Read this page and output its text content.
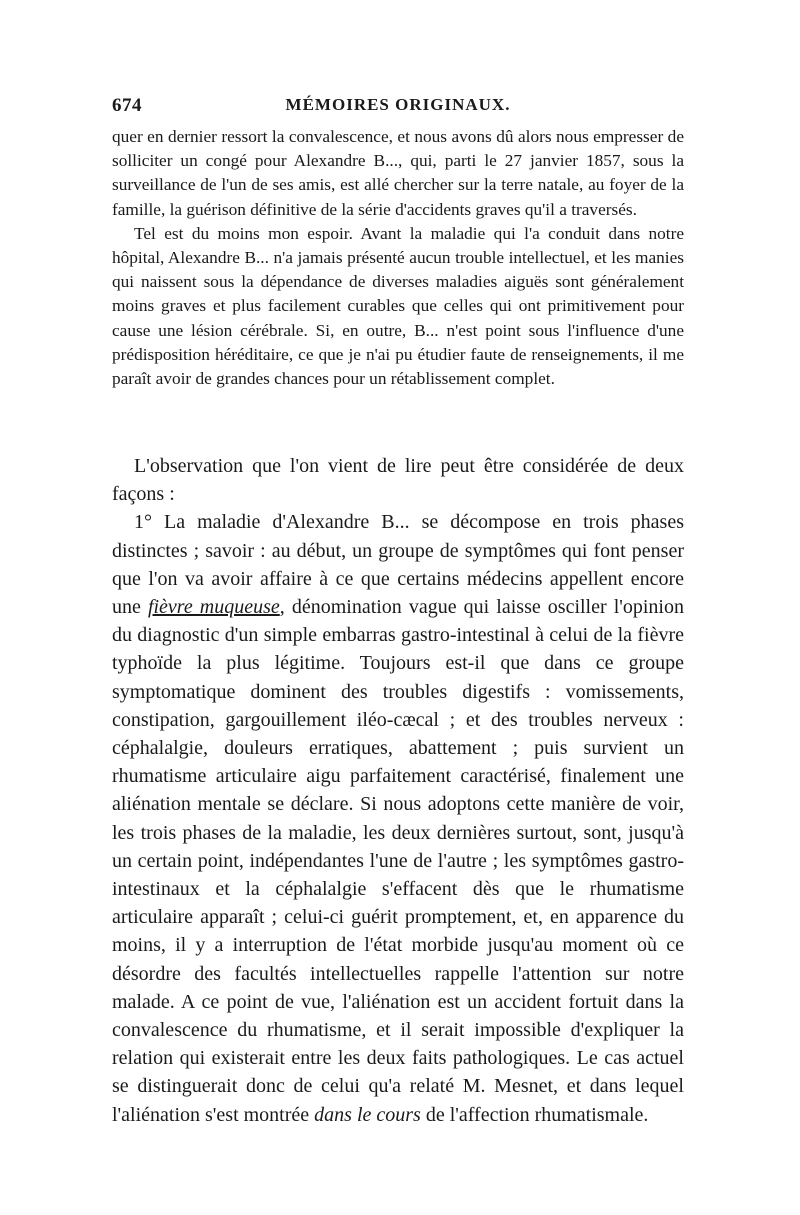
674	MÉMOIRES ORIGINAUX.

quer en dernier ressort la convalescence, et nous avons dû alors nous empresser de solliciter un congé pour Alexandre B..., qui, parti le 27 janvier 1857, sous la surveillance de l'un de ses amis, est allé chercher sur la terre natale, au foyer de la famille, la guérison définitive de la série d'accidents graves qu'il a traversés.

Tel est du moins mon espoir. Avant la maladie qui l'a conduit dans notre hôpital, Alexandre B... n'a jamais présenté aucun trouble intellectuel, et les manies qui naissent sous la dépendance de diverses maladies aiguës sont généralement moins graves et plus facilement curables que celles qui ont primitivement pour cause une lésion cérébrale. Si, en outre, B... n'est point sous l'influence d'une prédisposition héréditaire, ce que je n'ai pu étudier faute de renseignements, il me paraît avoir de grandes chances pour un rétablissement complet.

L'observation que l'on vient de lire peut être considérée de deux façons :

1° La maladie d'Alexandre B... se décompose en trois phases distinctes ; savoir : au début, un groupe de symptômes qui font penser que l'on va avoir affaire à ce que certains médecins appellent encore une fièvre muqueuse, dénomination vague qui laisse osciller l'opinion du diagnostic d'un simple embarras gastro-intestinal à celui de la fièvre typhoïde la plus légitime. Toujours est-il que dans ce groupe symptomatique dominent des troubles digestifs : vomissements, constipation, gargouillement iléo-cæcal ; et des troubles nerveux : céphalalgie, douleurs erratiques, abattement ; puis survient un rhumatisme articulaire aigu parfaitement caractérisé, finalement une aliénation mentale se déclare. Si nous adoptons cette manière de voir, les trois phases de la maladie, les deux dernières surtout, sont, jusqu'à un certain point, indépendantes l'une de l'autre ; les symptômes gastro-intestinaux et la céphalalgie s'effacent dès que le rhumatisme articulaire apparaît ; celui-ci guérit promptement, et, en apparence du moins, il y a interruption de l'état morbide jusqu'au moment où ce désordre des facultés intellectuelles rappelle l'attention sur notre malade. A ce point de vue, l'aliénation est un accident fortuit dans la convalescence du rhumatisme, et il serait impossible d'expliquer la relation qui existerait entre les deux faits pathologiques. Le cas actuel se distinguerait donc de celui qu'a relaté M. Mesnet, et dans lequel l'aliénation s'est montrée dans le cours de l'affection rhumatismale.
